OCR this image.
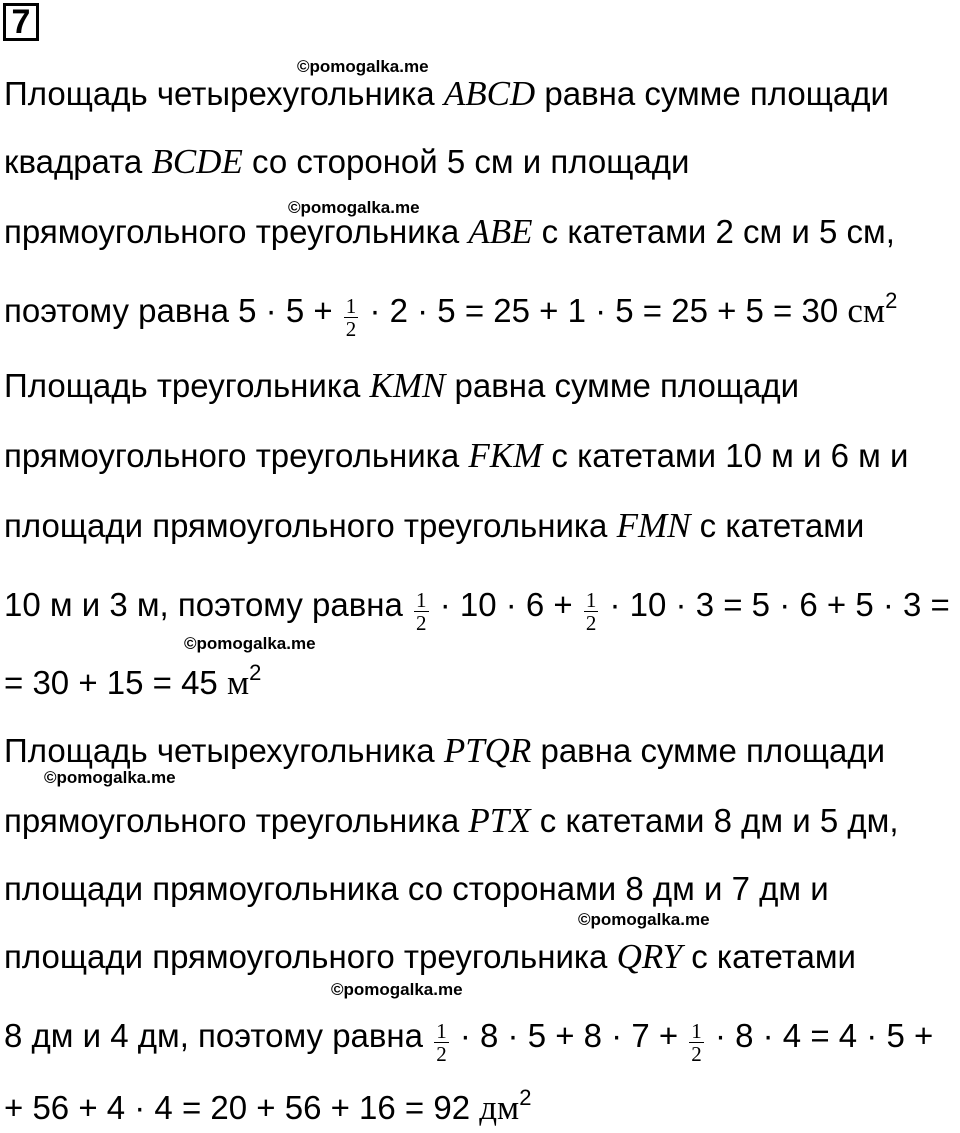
7
©pomogalka.me
©pomogalka.me
©pomogalka.me
©pomogalka.me
©pomogalka.me
©pomogalka.me
Площадь четырехугольника ABCD равна сумме площади
квадрата BCDE со стороной 5 см и площади
прямоугольного треугольника ABE с катетами 2 см и 5 см,
поэтому равна $5 \cdot 5 + \frac{1}{2} \cdot 2 \cdot 5 = 25 + 1 \cdot 5 = 25 + 5 = 30$ $см^2$
Площадь треугольника KMN равна сумме площади
прямоугольного треугольника FKM с катетами 10 м и 6 м и
площади прямоугольного треугольника FMN с катетами
10 м и 3 м, поэтому равна $\frac{1}{2} \cdot 10 \cdot 6 + \frac{1}{2} \cdot 10 \cdot 3 = 5 \cdot 6 + 5 \cdot 3$ =
= 30 + 15 = 45 $м^2$
Площадь четырехугольника PTQR равна сумме площади
прямоугольного треугольника PTX с катетами 8 дм и 5 дм,
площади прямоугольника со сторонами 8 дм и 7 дм и
площади прямоугольного треугольника QRY с катетами
8 дм и 4 дм, поэтому равна $\frac{1}{2} \cdot 8 \cdot 5 + 8 \cdot 7 + \frac{1}{2} \cdot 8 \cdot 4 = 4 \cdot 5$ +
+ 56 + 4 · 4 = 20 + 56 + 16 = 92 $дм^2$
